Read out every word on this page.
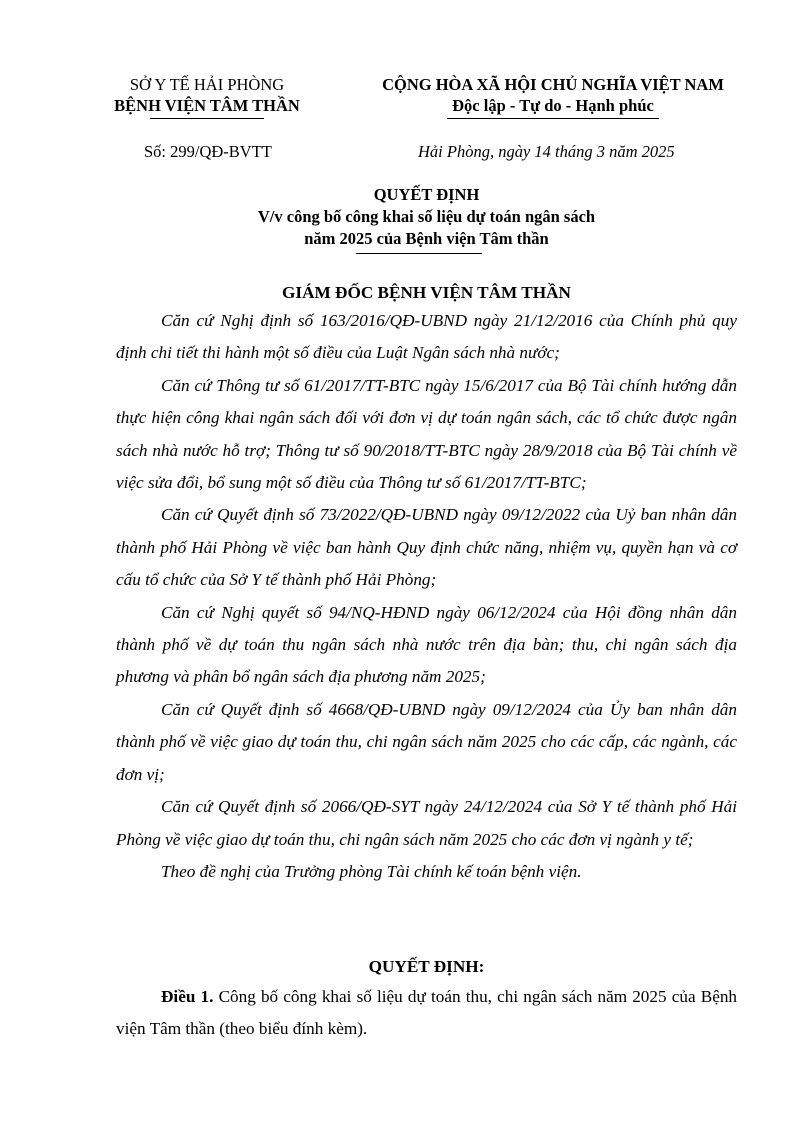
SỞ Y TẾ HẢI PHÒNG
BỆNH VIỆN TÂM THẦN
CỘNG HÒA XÃ HỘI CHỦ NGHĨA VIỆT NAM
Độc lập - Tự do - Hạnh phúc
Số: 299/QĐ-BVTT	Hải Phòng, ngày 14 tháng 3 năm 2025
QUYẾT ĐỊNH
V/v công bố công khai số liệu dự toán ngân sách
năm 2025 của Bệnh viện Tâm thần
GIÁM ĐỐC BỆNH VIỆN TÂM THẦN

Căn cứ Nghị định số 163/2016/QĐ-UBND ngày 21/12/2016 của Chính phủ quy định chi tiết thi hành một số điều của Luật Ngân sách nhà nước;

Căn cứ Thông tư số 61/2017/TT-BTC ngày 15/6/2017 của Bộ Tài chính hướng dẫn thực hiện công khai ngân sách đối với đơn vị dự toán ngân sách, các tổ chức được ngân sách nhà nước hỗ trợ; Thông tư số 90/2018/TT-BTC ngày 28/9/2018 của Bộ Tài chính về việc sửa đổi, bổ sung một số điều của Thông tư số 61/2017/TT-BTC;

Căn cứ Quyết định số 73/2022/QĐ-UBND ngày 09/12/2022 của Uỷ ban nhân dân thành phố Hải Phòng về việc ban hành Quy định chức năng, nhiệm vụ, quyền hạn và cơ cấu tổ chức của Sở Y tế thành phố Hải Phòng;

Căn cứ Nghị quyết số 94/NQ-HĐND ngày 06/12/2024 của Hội đồng nhân dân thành phố về dự toán thu ngân sách nhà nước trên địa bàn; thu, chi ngân sách địa phương và phân bổ ngân sách địa phương năm 2025;

Căn cứ Quyết định số 4668/QĐ-UBND ngày 09/12/2024 của Ủy ban nhân dân thành phố về việc giao dự toán thu, chi ngân sách năm 2025 cho các cấp, các ngành, các đơn vị;

Căn cứ Quyết định số 2066/QĐ-SYT ngày 24/12/2024 của Sở Y tế thành phố Hải Phòng về việc giao dự toán thu, chi ngân sách năm 2025 cho các đơn vị ngành y tế;

Theo đề nghị của Trưởng phòng Tài chính kế toán bệnh viện.

QUYẾT ĐỊNH:

Điều 1. Công bố công khai số liệu dự toán thu, chi ngân sách năm 2025 của Bệnh viện Tâm thần (theo biểu đính kèm).
